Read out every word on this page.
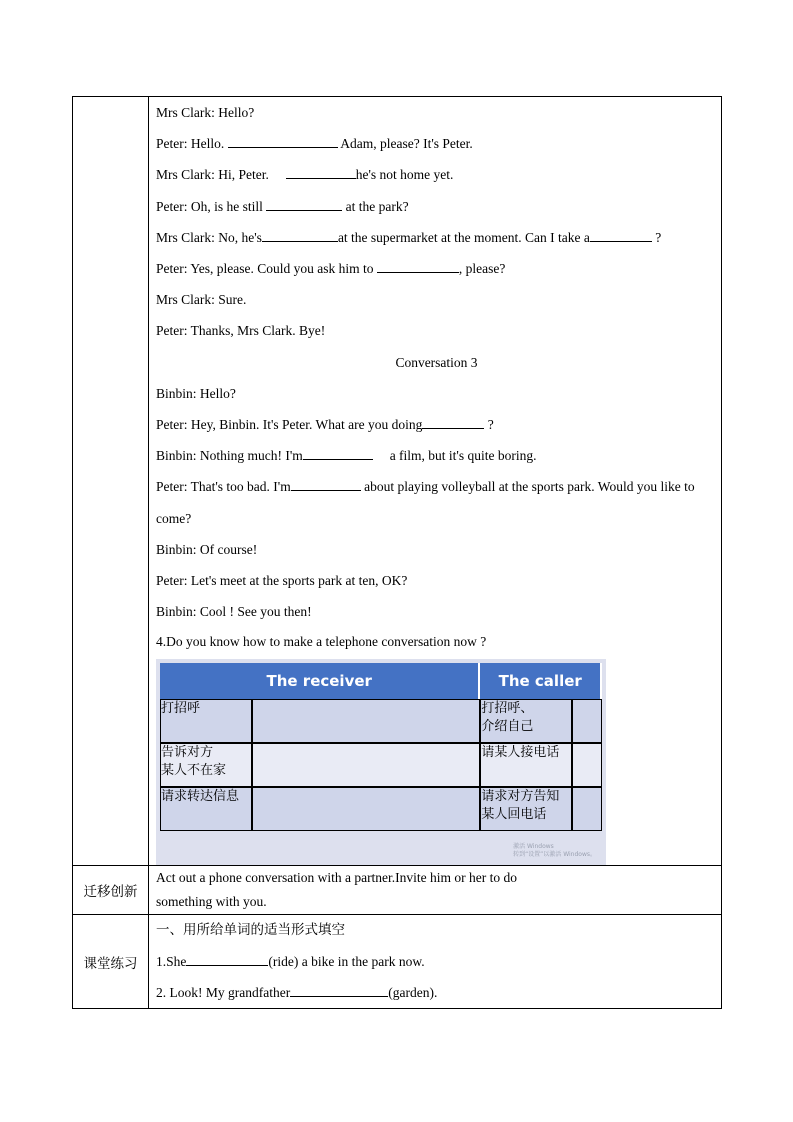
Mrs Clark: Hello?
Peter: Hello.	Adam, please? It's Peter.
Mrs Clark: Hi, Peter.	he's not home yet.
Peter: Oh, is he still	at the park?
Mrs Clark: No, he's	at the supermarket at the moment. Can I take a	?
Peter: Yes, please. Could you ask him to	, please?
Mrs Clark: Sure.
Peter: Thanks, Mrs Clark. Bye!
Conversation 3
Binbin: Hello?
Peter: Hey, Binbin. It's Peter. What are you doing	?
Binbin: Nothing much! I'm	a film, but it's quite boring.
Peter: That's too bad. I'm	about playing volleyball at the sports park. Would you like to
come?
Binbin: Of course!
Peter: Let's meet at the sports park at ten, OK?
Binbin: Cool ! See you then!
4.Do you know how to make a telephone conversation now ?
The receiver	The caller
打招呼		打招呼、
介绍自己	
告诉对方
某人不在家		请某人接电话	
请求转达信息		请求对方告知
某人回电话	
激活 Windows
转到“设置”以激活 Windows。

迁移创新	
Act out a phone conversation with a partner.Invite him or her to do
something with you.

课堂练习	
一、用所给单词的适当形式填空
1.She	(ride) a bike in the park now.
2. Look! My grandfather	(garden).
